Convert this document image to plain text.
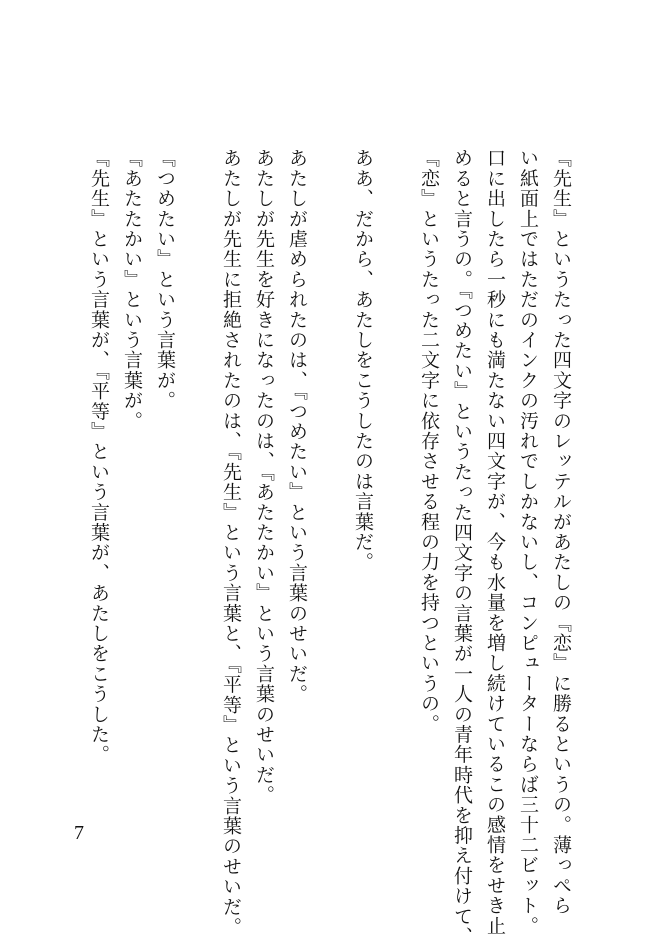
『先生』というたった四文字のレッテルがあたしの『恋』に勝るというの。薄っぺら
い紙面上ではただのインクの汚れでしかないし、コンピューターならば三十二ビット。
口に出したら一秒にも満たない四文字が、今も水量を増し続けているこの感情をせき止
めると言うの。『つめたい』というたった四文字の言葉が一人の青年時代を抑え付けて、
『恋』というたった二文字に依存させる程の力を持つというの。
ああ、だから、あたしをこうしたのは言葉だ。
あたしが虐められたのは、『つめたい』という言葉のせいだ。
あたしが先生を好きになったのは、『あたたかい』という言葉のせいだ。
あたしが先生に拒絶されたのは、『先生』という言葉と、『平等』という言葉のせいだ。
『つめたい』という言葉が。
『あたたかい』という言葉が。
『先生』という言葉が、『平等』という言葉が、あたしをこうした。
7
